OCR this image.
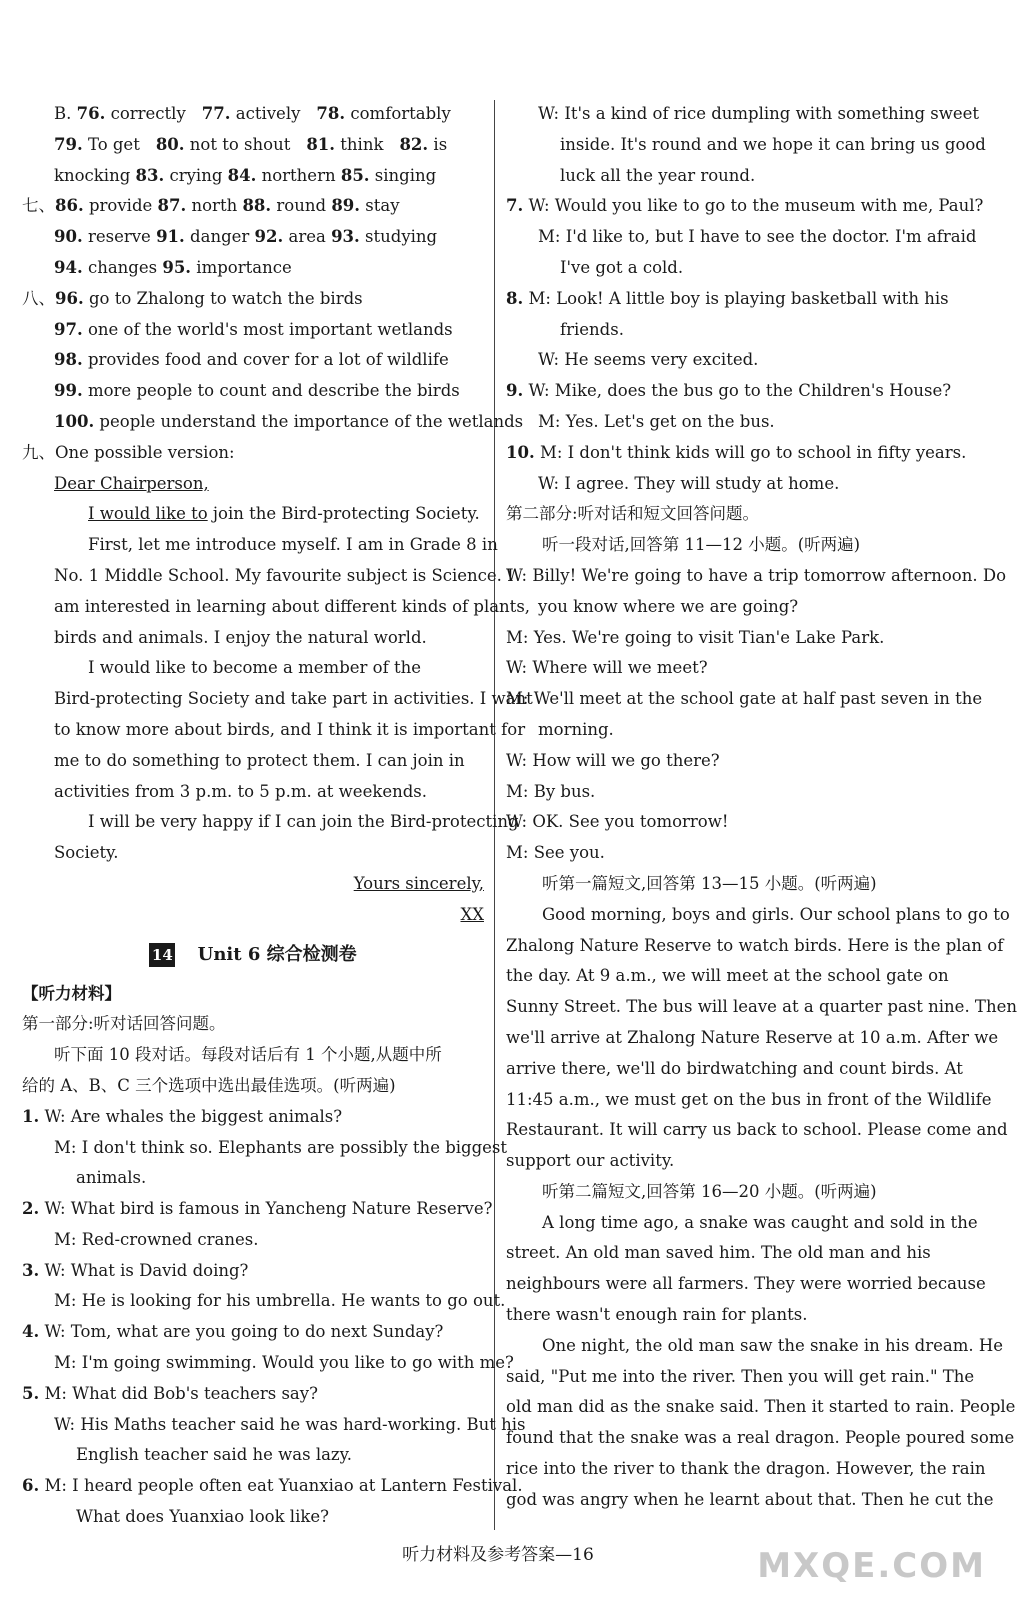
B. 76. correctly 77. actively 78. comfortably
79. To get 80. not to shout 81. think 82. is
knocking 83. crying 84. northern 85. singing
七、86. provide 87. north 88. round 89. stay
90. reserve 91. danger 92. area 93. studying
94. changes 95. importance
八、96. go to Zhalong to watch the birds
97. one of the world's most important wetlands
98. provides food and cover for a lot of wildlife
99. more people to count and describe the birds
100. people understand the importance of the wetlands
九、One possible version:
Dear Chairperson,
I would like to join the Bird-protecting Society.
First, let me introduce myself. I am in Grade 8 in
No. 1 Middle School. My favourite subject is Science. I
am interested in learning about different kinds of plants,
birds and animals. I enjoy the natural world.
I would like to become a member of the
Bird-protecting Society and take part in activities. I want
to know more about birds, and I think it is important for
me to do something to protect them. I can join in
activities from 3 p.m. to 5 p.m. at weekends.
I will be very happy if I can join the Bird-protecting
Society.
Yours sincerely,
XX
14 Unit 6 综合检测卷
【听力材料】
第一部分:听对话回答问题。
听下面 10 段对话。每段对话后有 1 个小题,从题中所
给的 A、B、C 三个选项中选出最佳选项。(听两遍)
1. W: Are whales the biggest animals?
M: I don't think so. Elephants are possibly the biggest
animals.
2. W: What bird is famous in Yancheng Nature Reserve?
M: Red-crowned cranes.
3. W: What is David doing?
M: He is looking for his umbrella. He wants to go out.
4. W: Tom, what are you going to do next Sunday?
M: I'm going swimming. Would you like to go with me?
5. M: What did Bob's teachers say?
W: His Maths teacher said he was hard-working. But his
English teacher said he was lazy.
6. M: I heard people often eat Yuanxiao at Lantern Festival.
What does Yuanxiao look like?
W: It's a kind of rice dumpling with something sweet
inside. It's round and we hope it can bring us good
luck all the year round.
7. W: Would you like to go to the museum with me, Paul?
M: I'd like to, but I have to see the doctor. I'm afraid
I've got a cold.
8. M: Look! A little boy is playing basketball with his
friends.
W: He seems very excited.
9. W: Mike, does the bus go to the Children's House?
M: Yes. Let's get on the bus.
10. M: I don't think kids will go to school in fifty years.
W: I agree. They will study at home.
第二部分:听对话和短文回答问题。
听一段对话,回答第 11—12 小题。(听两遍)
W: Billy! We're going to have a trip tomorrow afternoon. Do
you know where we are going?
M: Yes. We're going to visit Tian'e Lake Park.
W: Where will we meet?
M: We'll meet at the school gate at half past seven in the
morning.
W: How will we go there?
M: By bus.
W: OK. See you tomorrow!
M: See you.
听第一篇短文,回答第 13—15 小题。(听两遍)
Good morning, boys and girls. Our school plans to go to
Zhalong Nature Reserve to watch birds. Here is the plan of
the day. At 9 a.m., we will meet at the school gate on
Sunny Street. The bus will leave at a quarter past nine. Then
we'll arrive at Zhalong Nature Reserve at 10 a.m. After we
arrive there, we'll do birdwatching and count birds. At
11:45 a.m., we must get on the bus in front of the Wildlife
Restaurant. It will carry us back to school. Please come and
support our activity.
听第二篇短文,回答第 16—20 小题。(听两遍)
A long time ago, a snake was caught and sold in the
street. An old man saved him. The old man and his
neighbours were all farmers. They were worried because
there wasn't enough rain for plants.
One night, the old man saw the snake in his dream. He
said, "Put me into the river. Then you will get rain." The
old man did as the snake said. Then it started to rain. People
found that the snake was a real dragon. People poured some
rice into the river to thank the dragon. However, the rain
god was angry when he learnt about that. Then he cut the
听力材料及参考答案—16	MXQE.COM
